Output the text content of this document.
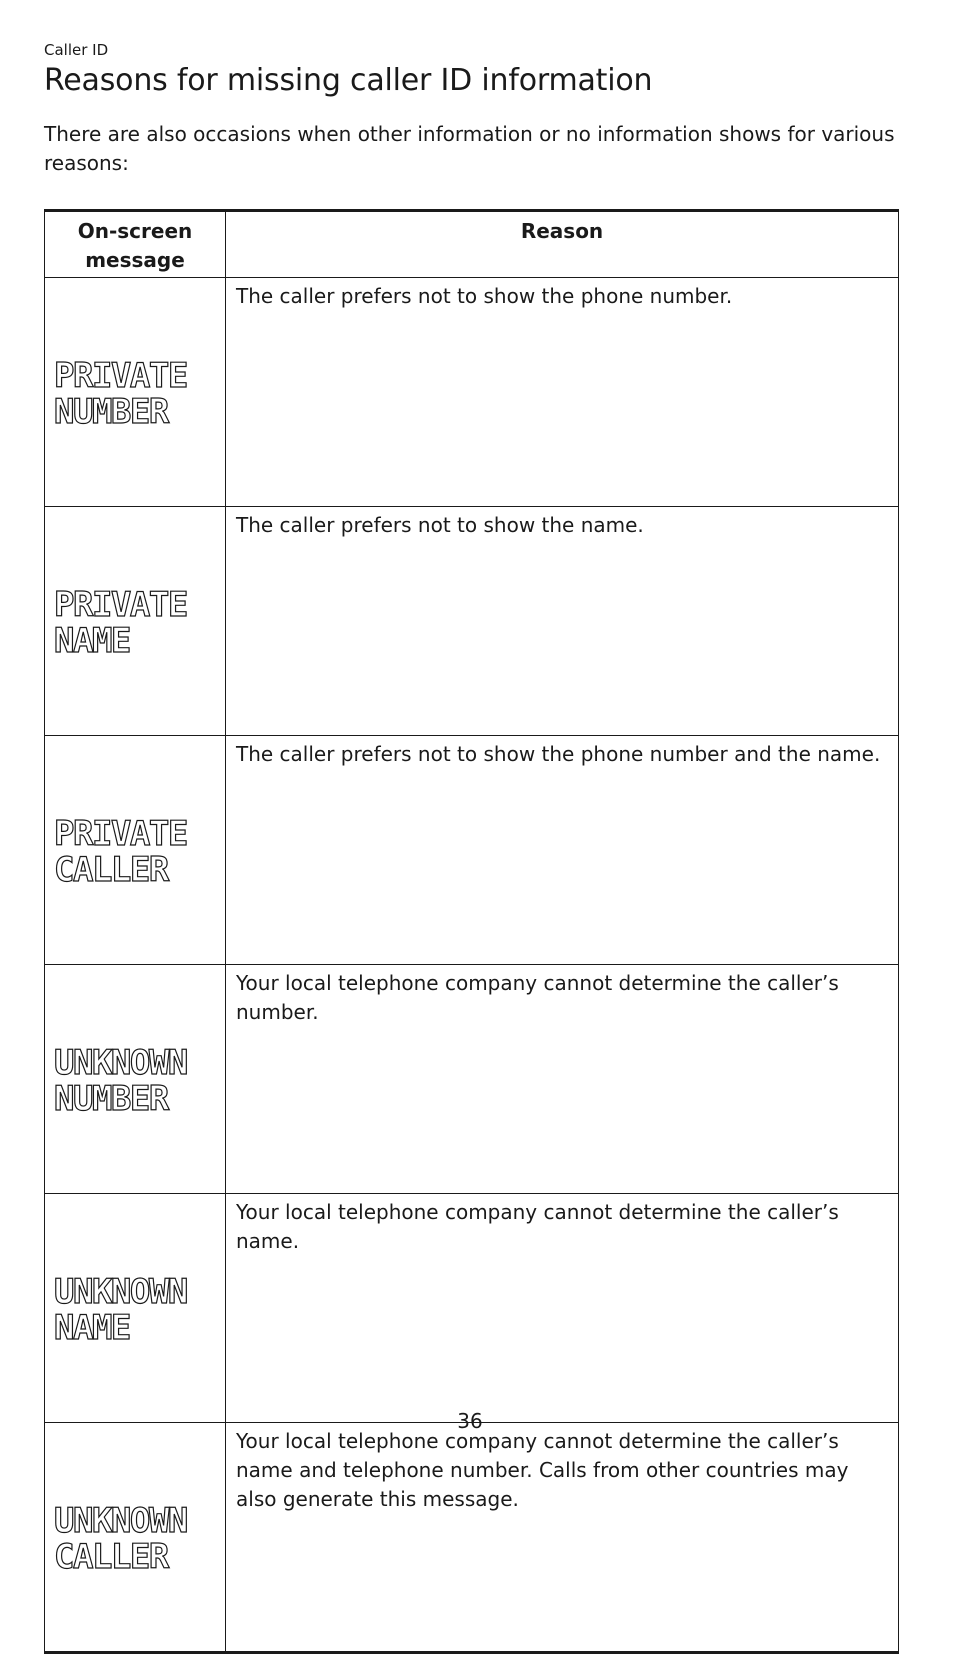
Caller ID
Reasons for missing caller ID information

There are also occasions when other information or no information shows for various reasons:

On-screen message	Reason

PRIVATE
NUMBER	The caller prefers not to show the phone number.

PRIVATE
NAME	The caller prefers not to show the name.

PRIVATE
CALLER	The caller prefers not to show the phone number and the name.

UNKNOWN
NUMBER	Your local telephone company cannot determine the caller’s number.

UNKNOWN
NAME	Your local telephone company cannot determine the caller’s name.

UNKNOWN
CALLER	Your local telephone company cannot determine the caller’s name and telephone number. Calls from other countries may also generate this message.
36
